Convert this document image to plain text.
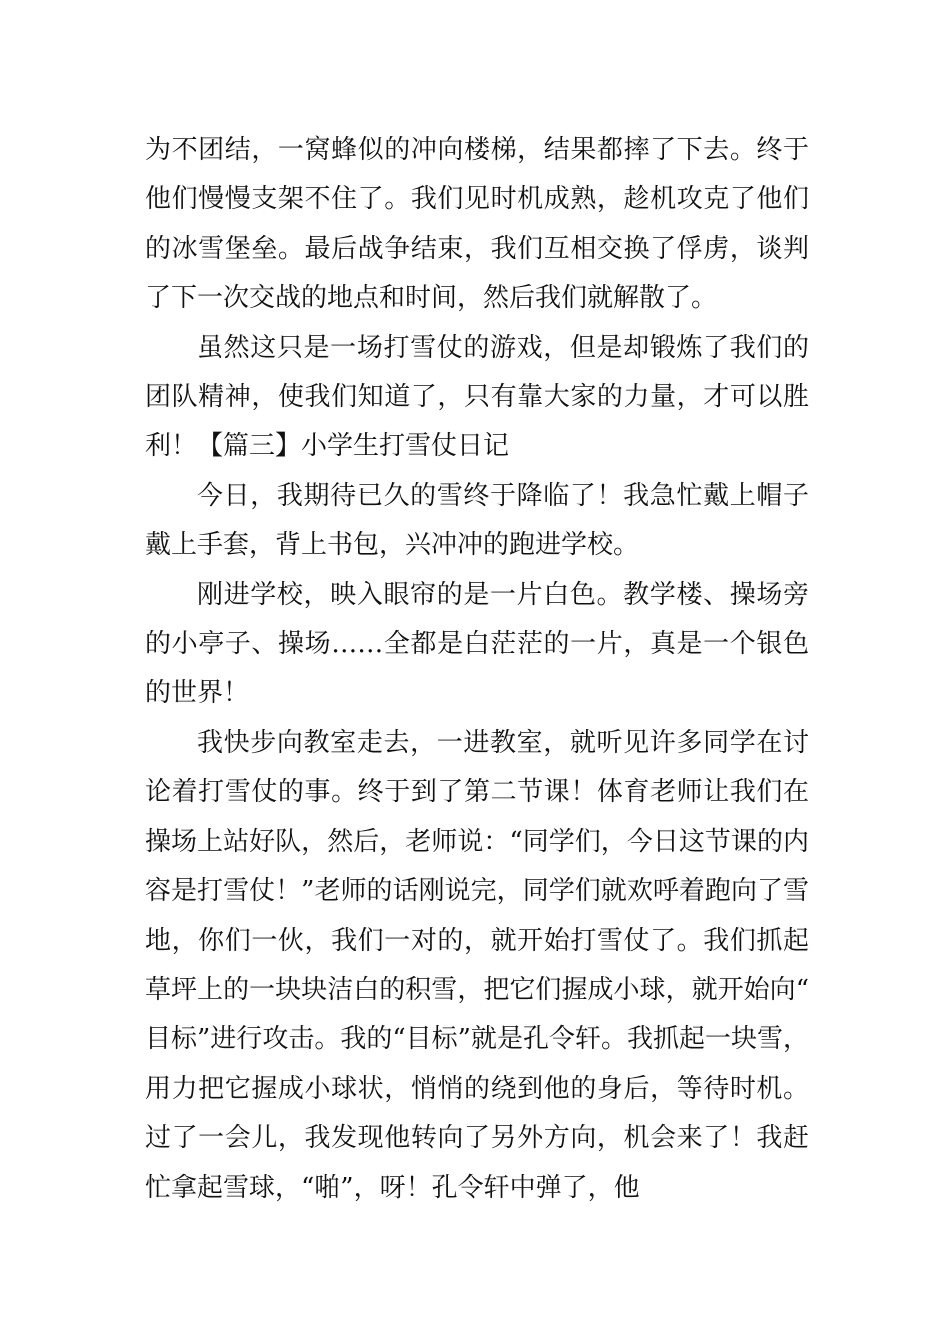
为不团结，一窝蜂似的冲向楼梯，结果都摔了下去。终于他们慢慢支架不住了。我们见时机成熟，趁机攻克了他们的冰雪堡垒。最后战争结束，我们互相交换了俘虏，谈判了下一次交战的地点和时间，然后我们就解散了。

虽然这只是一场打雪仗的游戏，但是却锻炼了我们的团队精神，使我们知道了，只有靠大家的力量，才可以胜利！【篇三】小学生打雪仗日记

今日，我期待已久的雪终于降临了！我急忙戴上帽子戴上手套，背上书包，兴冲冲的跑进学校。

刚进学校，映入眼帘的是一片白色。教学楼、操场旁的小亭子、操场……全都是白茫茫的一片，真是一个银色的世界！

我快步向教室走去，一进教室，就听见许多同学在讨论着打雪仗的事。终于到了第二节课！体育老师让我们在操场上站好队，然后，老师说：“同学们，今日这节课的内容是打雪仗！”老师的话刚说完，同学们就欢呼着跑向了雪地，你们一伙，我们一对的，就开始打雪仗了。我们抓起草坪上的一块块洁白的积雪，把它们握成小球，就开始向“目标”进行攻击。我的“目标”就是孔令轩。我抓起一块雪，用力把它握成小球状，悄悄的绕到他的身后，等待时机。过了一会儿，我发现他转向了另外方向，机会来了！我赶忙拿起雪球，“啪”，呀！孔令轩中弹了，他
